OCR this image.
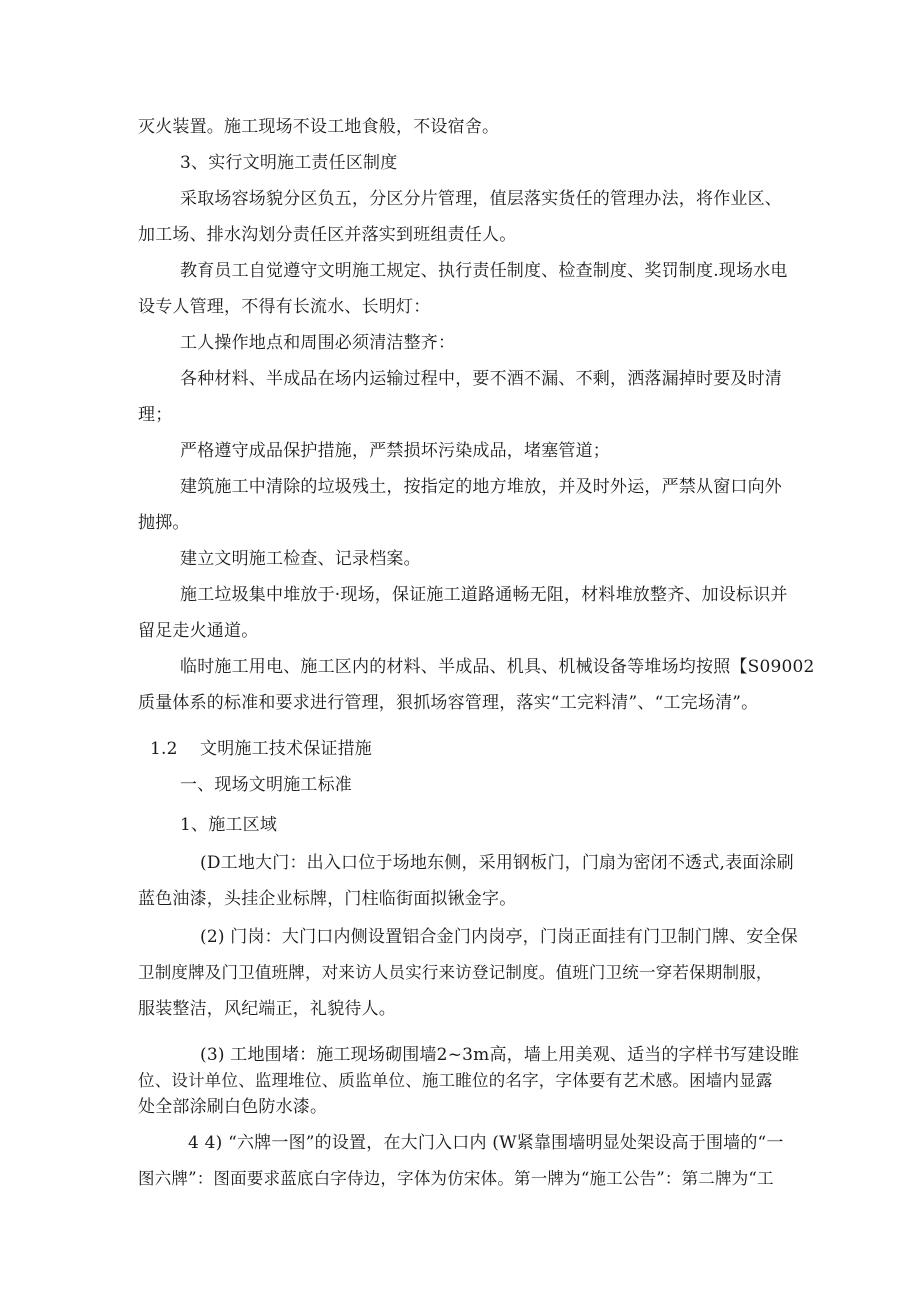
灭火装置。施工现场不设工地食般，不设宿舍。
3、实行文明施工责任区制度
采取场容场貌分区负五，分区分片管理，值层落实货任的管理办法，将作业区、
加工场、排水沟划分责任区并落实到班组责任人。
教育员工自觉遵守文明施工规定、执行责任制度、检查制度、奖罚制度.现场水电
设专人管理，不得有长流水、长明灯：
工人操作地点和周围必须清洁整齐：
各种材料、半成品在场内运输过程中，要不酒不漏、不剩，洒落漏掉时要及时清
理；
严格遵守成品保护措施，严禁损坏污染成品，堵塞管道；
建筑施工中清除的垃圾残土，按指定的地方堆放，并及时外运，严禁从窗口向外
抛掷。
建立文明施工检查、记录档案。
施工垃圾集中堆放于·现场，保证施工道路通畅无阻，材料堆放整齐、加设标识并
留足走火通道。
临时施工用电、施工区内的材料、半成品、机具、机械设备等堆场均按照【S09002
质量体系的标准和要求进行管理，狠抓场容管理，落实“工完料清”、“工完场清”。
1.2 文明施工技术保证措施
一、现场文明施工标准
1、施工区域
(D工地大门：出入口位于场地东侧，采用钢板门，门扇为密闭不透式,表面涂刷
蓝色油漆，头挂企业标牌，门柱临街面拟锹金字。
(2) 门岗：大门口内侧设置铝合金门内岗亭，门岗正面挂有门卫制门牌、安全保
卫制度牌及门卫值班牌，对来访人员实行来访登记制度。值班门卫统一穿若保期制服，
服装整洁，风纪端正，礼貌待人。
(3) 工地围堵：施工现场砌围墙2~3m高，墙上用美观、适当的字样书写建设睢
位、设计单位、监理堆位、质监单位、施工睢位的名字，字体要有艺术感。困墙内显露
处全部涂刷白色防水漆。
4 4) “六牌一图”的设置，在大门入口内 (W紧靠围墙明显处架设高于围墙的“一
图六牌”：图面要求蓝底白字侍边，字体为仿宋体。第一牌为“施工公告”：第二牌为“工
